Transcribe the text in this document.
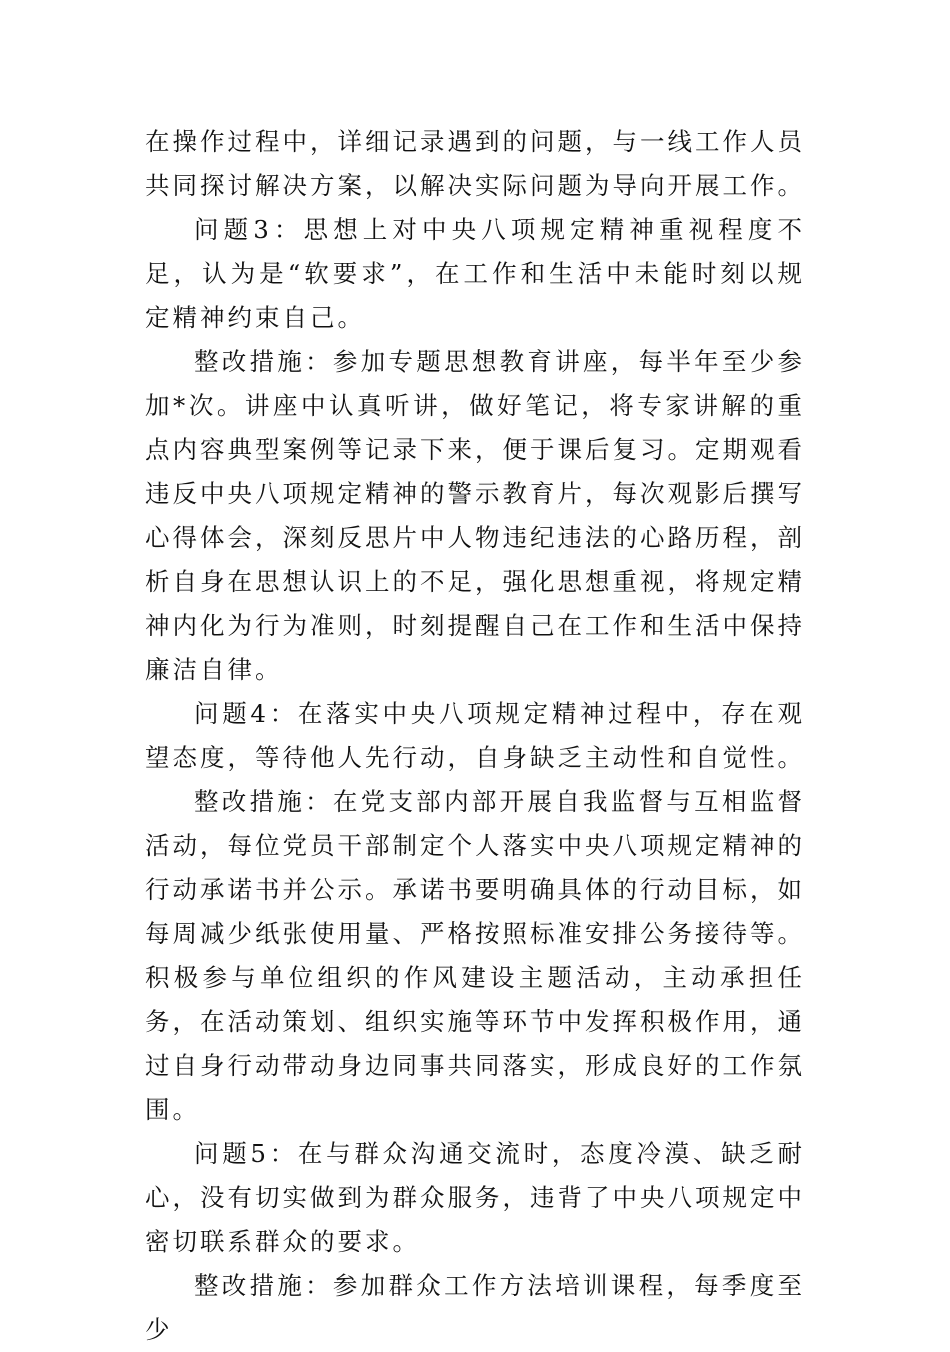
在操作过程中，详细记录遇到的问题，与一线工作人员共同探讨解决方案，以解决实际问题为导向开展工作。

问题3：思想上对中央八项规定精神重视程度不足，认为是“软要求”，在工作和生活中未能时刻以规定精神约束自己。

整改措施：参加专题思想教育讲座，每半年至少参加*次。讲座中认真听讲，做好笔记，将专家讲解的重点内容典型案例等记录下来，便于课后复习。定期观看违反中央八项规定精神的警示教育片，每次观影后撰写心得体会，深刻反思片中人物违纪违法的心路历程，剖析自身在思想认识上的不足，强化思想重视，将规定精神内化为行为准则，时刻提醒自己在工作和生活中保持廉洁自律。

问题4：在落实中央八项规定精神过程中，存在观望态度，等待他人先行动，自身缺乏主动性和自觉性。

整改措施：在党支部内部开展自我监督与互相监督活动，每位党员干部制定个人落实中央八项规定精神的行动承诺书并公示。承诺书要明确具体的行动目标，如每周减少纸张使用量、严格按照标准安排公务接待等。积极参与单位组织的作风建设主题活动，主动承担任务，在活动策划、组织实施等环节中发挥积极作用，通过自身行动带动身边同事共同落实，形成良好的工作氛围。

问题5：在与群众沟通交流时，态度冷漠、缺乏耐心，没有切实做到为群众服务，违背了中央八项规定中密切联系群众的要求。

整改措施：参加群众工作方法培训课程，每季度至少
